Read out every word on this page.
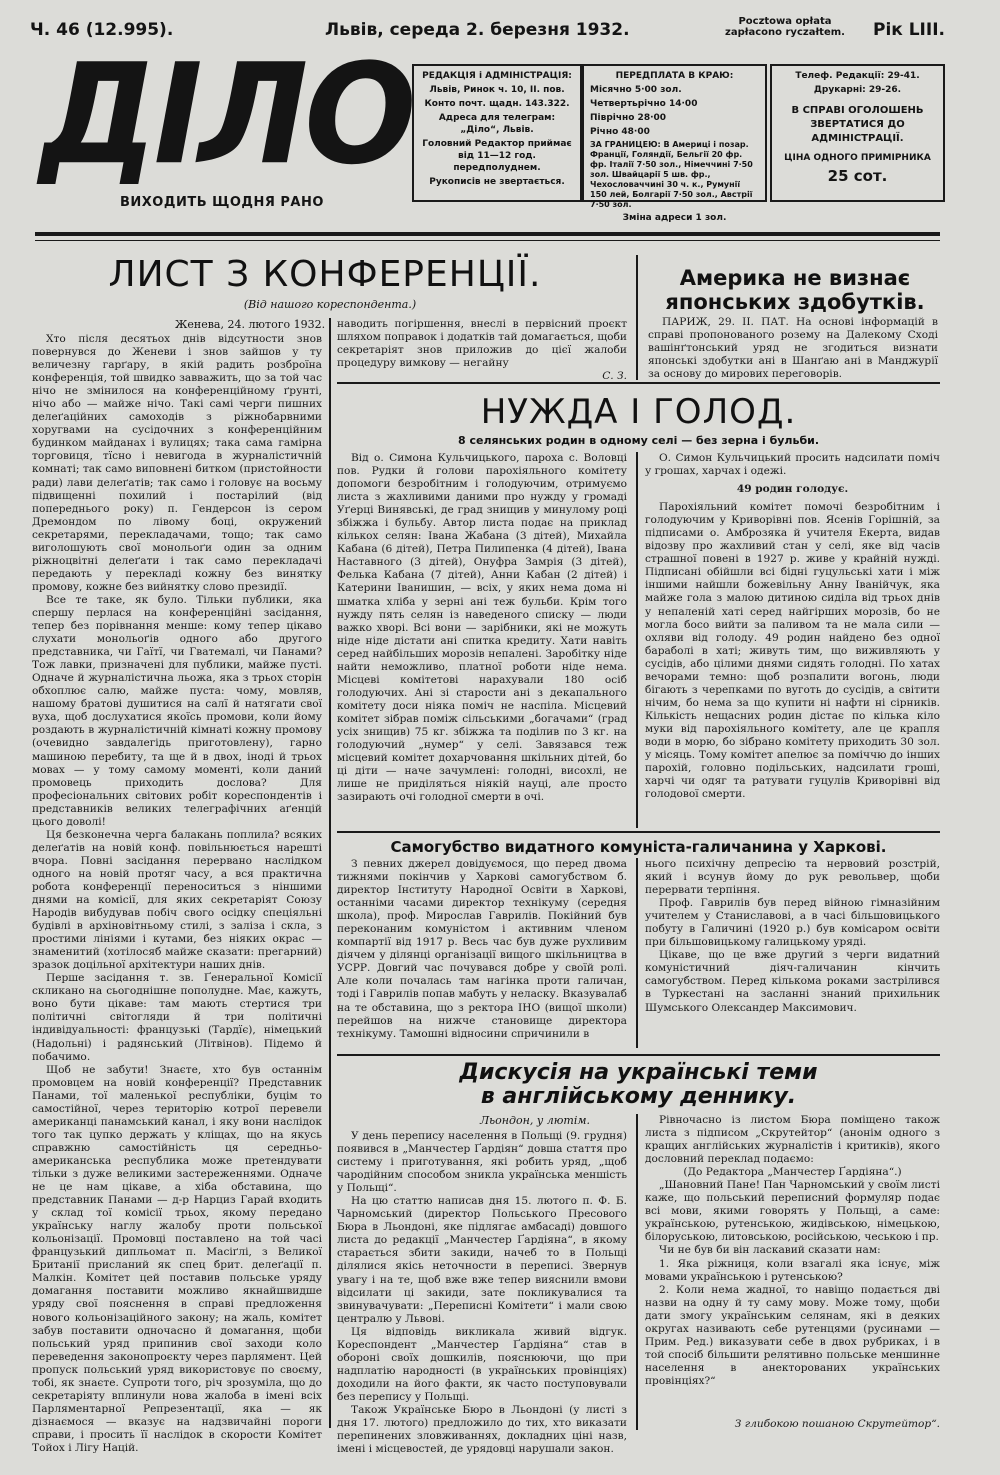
Ч. 46 (12.995).	Львів, середа 2. березня 1932.	Pocztowa opłata
zapłacono ryczałtem.	Рік LIII.
ДІЛО
ВИХОДИТЬ ЩОДНЯ РАНО

РЕДАКЦІЯ і АДМІНІСТРАЦІЯ:

Львів, Ринок ч. 10, II. пов.

Конто почт. щадн. 143.322.

Адреса для телеграм: „Діло“, Львів.

Головний Редактор приймає від 11—12 год. передполуднем.

Рукописів не звертається.

ПЕРЕДПЛАТА В КРАЮ:

Місячно 5·00 зол.

Четвертьрічно 14·00

Піврічно 28·00

Річно 48·00

ЗА ГРАНИЦЕЮ: В Америці і позар. Франції, Голяндії, Бельгії 20 фр. фр. Італії 7·50 зол., Німеччині 7·50 зол. Швайцарії 5 шв. фр., Чехословаччині 30 ч. к., Румунії 150 лей, Болгарії 7·50 зол., Австрії 7·50 зол.

Зміна адреси 1 зол.

Телеф. Редакції: 29-41.

Друкарні: 29-26.

В СПРАВІ ОГОЛОШЕНЬ ЗВЕРТАТИСЯ ДО АДМІНІСТРАЦІЇ.

ЦІНА ОДНОГО ПРИМІРНИКА

25 сот.

ЛИСТ З КОНФЕРЕНЦІЇ.
(Від нашого кореспондента.)
Женева, 24. лютого 1932.

Хто після десятьох днів відсутности знов повернувся до Женеви і знов зайшов у ту величезну гарґару, в якій радить розброїна конференція, той швидко завважить, що за той час нічо не змінилося на конференційному ґрунті, нічо або — майже нічо. Такі самі черги пишних делеґаційних самоходів з ріжнобарвними хоругвами на сусідочних з конференційним будинком майданах і вулицях; така сама гамірна торговиця, тїсно і невигода в журналістичній комнаті; так само виповнені битком (пристойности ради) лави делеґатів; так само і головує на восьму підвищенні похилий і постарілий (від попереднього року) п. Гендерсон із сером Дремондом по лівому боці, окружений секретарями, перекладачами, тощо; так само виголошують свої монольоґи один за одним ріжноцвітні делеґати і так само перекладачі передають у перекладі кожну без винятку промову, кожне без вийнятку слово президії.

Все те таке, як було. Тільки публики, яка спершу перлася на конференційні засідання, тепер без порівнання менше: кому тепер цікаво слухати монольоґів одного або другого представника, чи Гаїтї, чи Гватемалі, чи Панами? Тож лавки, призначені для публики, майже пусті. Одначе й журналістична льожа, яка з трьох сторін обхоплює салю, майже пуста: чому, мовляв, нашому братові душитися на салї й натягати свої вуха, щоб дослухатися якоїсь промови, коли йому роздають в журналістичній кімнаті кожну промову (очевидно завдалегідь приготовлену), гарно машиною перебиту, та ще й в двох, іноді й трьох мовах — у тому самому моменті, коли даний промовець приходить дослова? Для професіональних світових робіт кореспондентів і представників великих телеграфічних аґенцій цього доволі!

Ця безконечна черга балакань поплила? всяких делеґатів на новій конф. повільнюється нарешті вчора. Повні засідання перервано наслідком одного на новій протяг часу, а вся практична робота конференції переноситься з ніншими днями на комісії, для яких секретаріят Союзу Народів вибудував побіч свого осідку спеціяльні будівлі в архіновітньому стилі, з заліза і скла, з простими лініями і кутами, без ніяких окрас — знаменитий (хотілосяб майже сказати: прегарний) зразок доцільної архітектури наших днів.

Перше засідання т. зв. Ґенеральної Комісії скликано на сьогоднішне пополудне. Має, кажуть, воно бути цікаве: там мають стертися три політичні світогляди й три політичні індивідуальності: французькі (Тардїє), німецький (Надольні) і радянський (Літвінов). Підемо й побачимо.

Щоб не забути! Знаєте, хто був останнім промовцем на новій конференції? Представник Панами, тої маленької республіки, буцім то самостійної, через територію котрої перевели американці панамський канал, і яку вони наслідок того так цупко держать у кліщах, що на якусь справжню самостійність ця середньо-американська республика може претендувати тільки з дуже великими застереженнями. Одначе не це нам цікаве, а хіба обставина, що представник Панами — д-р Нарциз Гарай входить у склад тої комісії трьох, якому передано українську наглу жалобу проти польської кольонізації. Промовці поставлено на той часі французький дипльомат п. Масіґлі, з Великої Британії присланий як спец брит. делеґації п. Малкін. Комітет цей поставив польське уряду домагання поставити можливо якнайшвидше уряду свої пояснення в справі предложення нового кольонізаційного закону; на жаль, комітет забув поставити одночасно й домагання, щоби польський уряд припинив свої заходи коло переведення законопроєкту через парлямент. Цей пропуск польський уряд використовує по своєму, тобі, як знаєте. Супроти того, річ зрозуміла, що до секретаріяту вплинули нова жалоба в імені всіх Парляментарної Репрезентації, яка — як дізнаємося — вказує на надзвичайні пороги справи, і просить її наслідок в скорости Комітет Тойох і Лігу Націй.

наводить погіршення, внеслі в первісний проєкт шляхом поправок і додатків тай домагається, щоби секретаріят знов приложив до цієї жалоби процедуру вимкову — негайну

С. З.

Америка не визнає
японських здобутків.

ПАРИЖ, 29. II. ПАТ. На основі інформацій в справі пропонованого розему на Далекому Сході вашінґтонський уряд не згодиться визнати японські здобутки ані в Шанґаю ані в Манджурії за основу до мирових переговорів.

НУЖДА І ГОЛОД.
8 селянських родин в одному селі — без зерна і бульби.

Від о. Симона Кульчицького, пароха с. Воловці пов. Рудки й голови парохіяльного комітету допомоги безробітним і голодуючим, отримуємо листа з жахливими даними про нужду у громаді Уґерці Винявські, де град знищив у минулому році збіжжа і бульбу. Автор листа подає на приклад кількох селян: Івана Жабана (3 дітей), Михайла Кабана (6 дітей), Петра Пилипенка (4 дітей), Івана Наставного (3 дітей), Онуфра Замрія (3 дітей), Фелька Кабана (7 дітей), Анни Кабан (2 дітей) і Катерини Іванишин, — всіх, у яких нема дома ні шматка хліба у зерні ані теж бульби. Крім того нужду пять селян із наведеного списку — люди важко хворі. Всі вони — зарібники, які не можуть ніде ніде дістати ані спитка кредиту. Хати навіть серед найбільших морозів непалені. Заробітку ніде найти неможливо, платної роботи ніде нема. Місцеві комітетові нарахували 180 осіб голодуючих. Ані зі старости ані з декапального комітету доси ніяка поміч не наспіла. Місцевий комітет зібрав поміж сільськими „богачами“ (град усіх знищив) 75 кг. збіжжа та поділив по 3 кг. на голодуючий „нумер“ у селі. Завязався теж місцевий комітет дохарчовання шкільних дітей, бо ці діти — наче зачумлені: голодні, висохлі, не лише не приділяться ніякій науці, але просто зазирають очі голодної смерти в очі.

О. Симон Кульчицький просить надсилати поміч у грошах, харчах і одежі.

49 родин голодує.

Парохіяльний комітет помочі безробітним і голодуючим у Криворівні пов. Ясенів Горішній, за підписами о. Амброзяка й учителя Екерта, видав відозву про жахливий стан у селі, яке від часів страшної повені в 1927 р. живе у крайній нужді. Підписані обійшли всі бідні гуцульські хати і між іншими найшли божевільну Анну Іванійчук, яка майже гола з малою дитиною сиділа від трьох днів у непаленій хаті серед найгірших морозів, бо не могла босо вийти за паливом та не мала сили — охляви від голоду. 49 родин найдено без одної бараболі в хаті; живуть тим, що виживляють у сусідів, або цілими днями сидять голодні. По хатах вечорами темно: щоб розпалити вогонь, люди бігають з черепками по вуготь до сусідів, а світити нічим, бо нема за що купити ні нафти ні сірників. Кількість нещасних родин дістає по кілька кіло муки від парохіяльного комітету, але це крапля води в морю, бо зібрано комітету приходить 30 зол. у місяць. Тому комітет апелює за поміччю до інших парохій, головно подільських, надсилати гроші, харчі чи одяг та ратувати гуцулів Криворівні від голодової смерти.

Самогубство видатного комуніста-галичанина у Харкові.

З певних джерел довідуємося, що перед двома тижнями покінчив у Харкові самогубством б. директор Інституту Народної Освіти в Харкові, останніми часами директор технікуму (середня школа), проф. Мирослав Гаврилів. Покійний був переконаним комуністом і активним членом компартії від 1917 р. Весь час був дуже рухливим діячем у ділянці організації вищого шкільництва в УСРР. Довгий час почувався добре у своїй ролі. Але коли почалась там нагінка проти галичан, тоді і Гаврилів попав мабуть у неласку. Вказувалаб на те обставина, що з ректора ІНО (вищої школи) перейшов на нижче становище директора технікуму. Тамошні відносини спричинили в

нього психічну депресію та нервовий розстрій, який і всунув йому до рук револьвер, щоби перервати терпіння.

Проф. Гаврилів був перед війною гімназійним учителем у Станиславові, а в часі більшовицького побуту в Галичині (1920 р.) був комісаром освіти при більшовицькому галицькому уряді.

Цікаве, що це вже другий з черги видатний комуністичний діяч-галичанин кінчить самогубством. Перед кількома роками застрілився в Туркестані на засланні знаний прихильник Шумського Олександер Максимович.

Дискусія на українські теми
в англійському деннику.
Льондон, у лютім.

У день перепису населення в Польщі (9. грудня) появився в „Манчестер Ґардіян“ довша стаття про систему і приготування, які робить уряд, „щоб чародійним способом зникла українська меншість у Польщі“.

На цю статтю написав дня 15. лютого п. Ф. Б. Чарномський (директор Польського Пресового Бюра в Льондоні, якe підлягає амбасаді) довшого листа до редакції „Манчестер Ґардіяна“, в якому старається збити закиди, начеб то в Польщі ділялися якісь неточности в переписі. Звернув увагу і на те, щоб вже вже тепер вияснили вмови відсилати ці закиди, зате покликувалися та звинувачувати: „Переписні Комітети“ і мали свою централю у Львові.

Ця відповідь викликала живий відгук. Кореспондент „Манчестер Ґардіяна“ став в обороні своїх дошкилів, пояснюючи, що при надплатію народності (в українських провінціях) доходили на його факти, як часто поступовували без перепису у Польщі.

Також Українське Бюро в Льондоні (у листі з дня 17. лютого) предложило до тих, хто виказати перепинених зловживаннях, докладних ціні назв, імені і місцевостей, де урядовці нарушали закон.

Рівночасно із листом Бюра поміщено також листа з підписом „Скрутейтор“ (анонім одного з кращих англійських журналістів і критиків), якого дословний переклад подаємо:

(До Редактора „Манчестер Ґардіяна“.)

„Шановний Пане! Пан Чарномський у своїм листі каже, що польський переписний формуляр подає всі мови, якими говорять у Польщі, а саме: українською, рутенською, жидівською, німецькою, білоруською, литовською, російською, чеською і пр.

Чи не був би він ласкавий сказати нам:

1. Яка ріжниця, коли взагалі яка існує, між мовами українською і рутенською?

2. Коли нема жадної, то навіщо подається дві назви на одну й ту саму мову. Може тому, щоби дати змогу українським селянам, які в деяких округах називають себе рутенцями (русинами — Прим. Ред.) виказувати себе в двох рубриках, і в той спосіб більшити релятивно польське меншинне населення в анекторованих українських провінціях?“

З глибокою пошаною Скрутейтор“.
